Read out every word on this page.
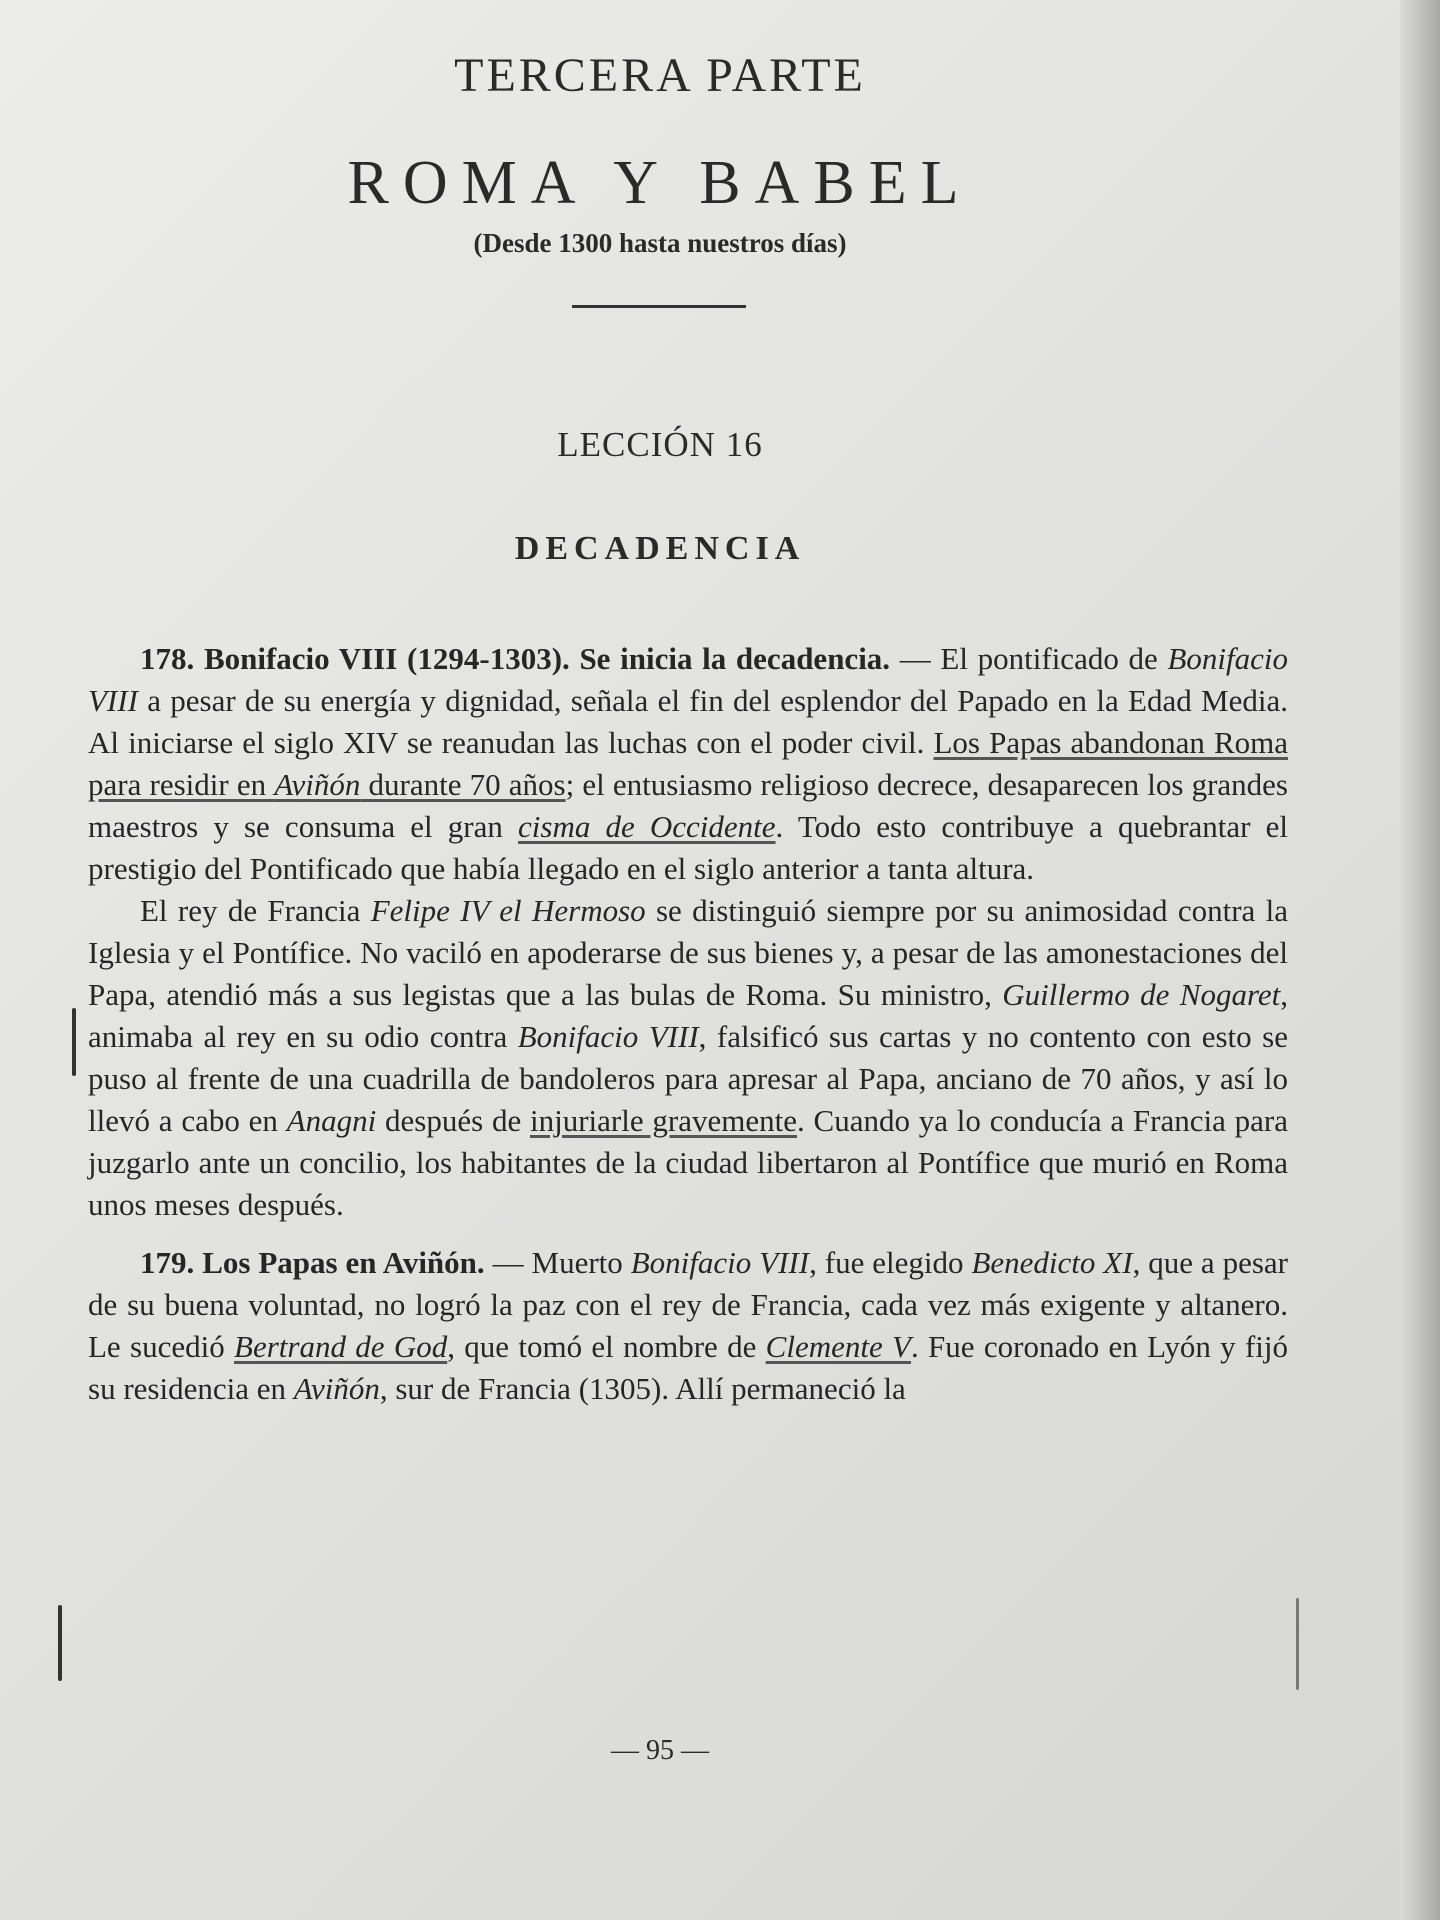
TERCERA PARTE
ROMA Y BABEL
(Desde 1300 hasta nuestros días)
LECCIÓN 16
DECADENCIA

178. Bonifacio VIII (1294-1303). Se inicia la decadencia. — El pontificado de Bonifacio VIII a pesar de su energía y dignidad, señala el fin del esplendor del Papado en la Edad Media. Al iniciarse el siglo XIV se reanudan las luchas con el poder civil. Los Papas abandonan Roma para residir en Aviñón durante 70 años; el entusiasmo religioso decrece, desaparecen los grandes maestros y se consuma el gran cisma de Occidente. Todo esto contribuye a quebrantar el prestigio del Pontificado que había llegado en el siglo anterior a tanta altura.

El rey de Francia Felipe IV el Hermoso se distinguió siempre por su animosidad contra la Iglesia y el Pontífice. No vaciló en apoderarse de sus bienes y, a pesar de las amonestaciones del Papa, atendió más a sus legistas que a las bulas de Roma. Su ministro, Guillermo de Nogaret, animaba al rey en su odio contra Bonifacio VIII, falsificó sus cartas y no contento con esto se puso al frente de una cuadrilla de bandoleros para apresar al Papa, anciano de 70 años, y así lo llevó a cabo en Anagni después de injuriarle gravemente. Cuando ya lo conducía a Francia para juzgarlo ante un concilio, los habitantes de la ciudad libertaron al Pontífice que murió en Roma unos meses después.

179. Los Papas en Aviñón. — Muerto Bonifacio VIII, fue elegido Benedicto XI, que a pesar de su buena voluntad, no logró la paz con el rey de Francia, cada vez más exigente y altanero. Le sucedió Bertrand de God, que tomó el nombre de Clemente V. Fue coronado en Lyón y fijó su residencia en Aviñón, sur de Francia (1305). Allí permaneció la

— 95 —
